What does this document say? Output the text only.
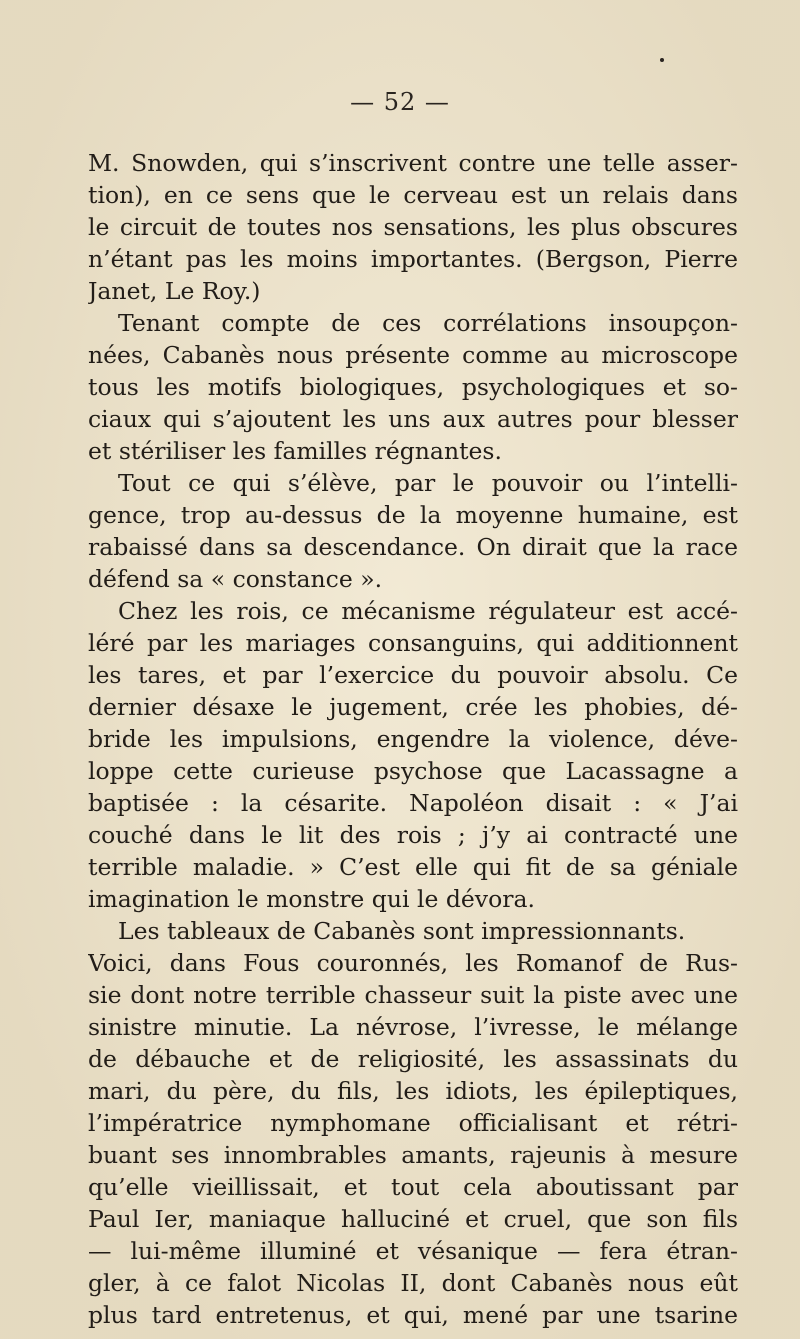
— 52 —
M. Snowden, qui s’inscrivent contre une telle asser-
tion), en ce sens que le cerveau est un relais dans
le circuit de toutes nos sensations, les plus obscures
n’étant pas les moins importantes. (Bergson, Pierre
Janet, Le Roy.)
Tenant compte de ces corrélations insoupçon-
nées, Cabanès nous présente comme au microscope
tous les motifs biologiques, psychologiques et so-
ciaux qui s’ajoutent les uns aux autres pour blesser
et stériliser les familles régnantes.
Tout ce qui s’élève, par le pouvoir ou l’intelli-
gence, trop au-dessus de la moyenne humaine, est
rabaissé dans sa descendance. On dirait que la race
défend sa « constance ».
Chez les rois, ce mécanisme régulateur est accé-
léré par les mariages consanguins, qui additionnent
les tares, et par l’exercice du pouvoir absolu. Ce
dernier désaxe le jugement, crée les phobies, dé-
bride les impulsions, engendre la violence, déve-
loppe cette curieuse psychose que Lacassagne a
baptisée : la césarite. Napoléon disait : « J’ai
couché dans le lit des rois ; j’y ai contracté une
terrible maladie. » C’est elle qui fit de sa géniale
imagination le monstre qui le dévora.
Les tableaux de Cabanès sont impressionnants.
Voici, dans Fous couronnés, les Romanof de Rus-
sie dont notre terrible chasseur suit la piste avec une
sinistre minutie. La névrose, l’ivresse, le mélange
de débauche et de religiosité, les assassinats du
mari, du père, du fils, les idiots, les épileptiques,
l’impératrice nymphomane officialisant et rétri-
buant ses innombrables amants, rajeunis à mesure
qu’elle vieillissait, et tout cela aboutissant par
Paul Ier, maniaque halluciné et cruel, que son fils
— lui-même illuminé et vésanique — fera étran-
gler, à ce falot Nicolas II, dont Cabanès nous eût
plus tard entretenus, et qui, mené par une tsarine
